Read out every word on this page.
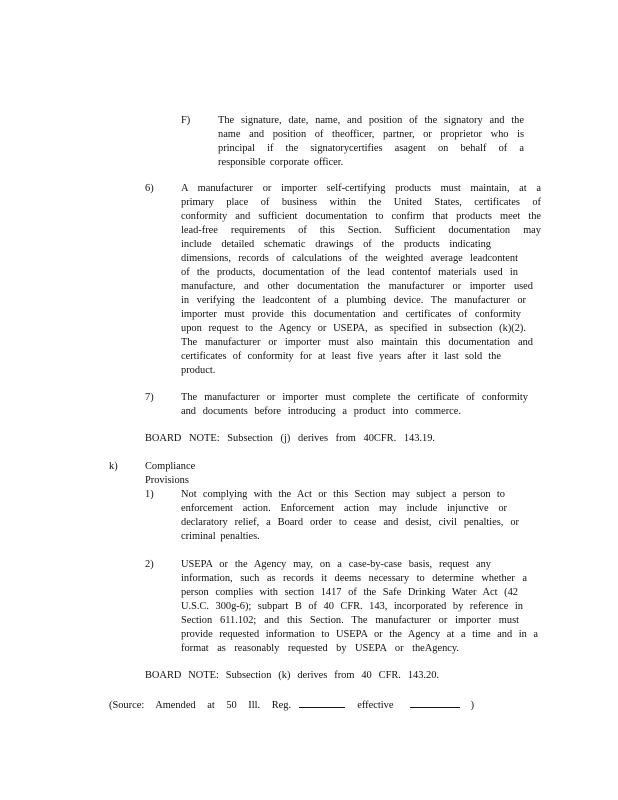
F)	The signature, date, name, and position of the signatory and the
name and position of theofficer, partner, or proprietor who is
principal if the signatorycertifies asagent on behalf of a
responsible corporate officer.
6)	A manufacturer or importer self-certifying products must maintain, at a
primary place of business within the United States, certificates of
conformity and sufficient documentation to confirm that products meet the
lead-free requirements of this Section. Sufficient documentation may
include detailed schematic drawings of the products indicating
dimensions, records of calculations of the weighted average leadcontent
of the products, documentation of the lead contentof materials used in
manufacture, and other documentation the manufacturer or importer used
in verifying the leadcontent of a plumbing device. The manufacturer or
importer must provide this documentation and certificates of conformity
upon request to the Agency or USEPA, as specified in subsection (k)(2).
The manufacturer or importer must also maintain this documentation and
certificates of conformity for at least five years after it last sold the
product.
7)	The manufacturer or importer must complete the certificate of conformity
and documents before introducing a product into commerce.
BOARD NOTE: Subsection (j) derives from 40CFR. 143.19.
k)	Compliance Provisions
1)	Not complying with the Act or this Section may subject a person to
enforcement action. Enforcement action may include injunctive or
declaratory relief, a Board order to cease and desist, civil penalties, or
criminal penalties.
2)	USEPA or the Agency may, on a case-by-case basis, request any
information, such as records it deems necessary to determine whether a
person complies with section 1417 of the Safe Drinking Water Act (42
U.S.C. 300g-6); subpart B of 40 CFR. 143, incorporated by reference in
Section 611.102; and this Section. The manufacturer or importer must
provide requested information to USEPA or the Agency at a time and in a
format as reasonably requested by USEPA or theAgency.
BOARD NOTE: Subsection (k) derives from 40 CFR. 143.20.
(Source: Amended at 50 Ill. Reg.	effective	)
